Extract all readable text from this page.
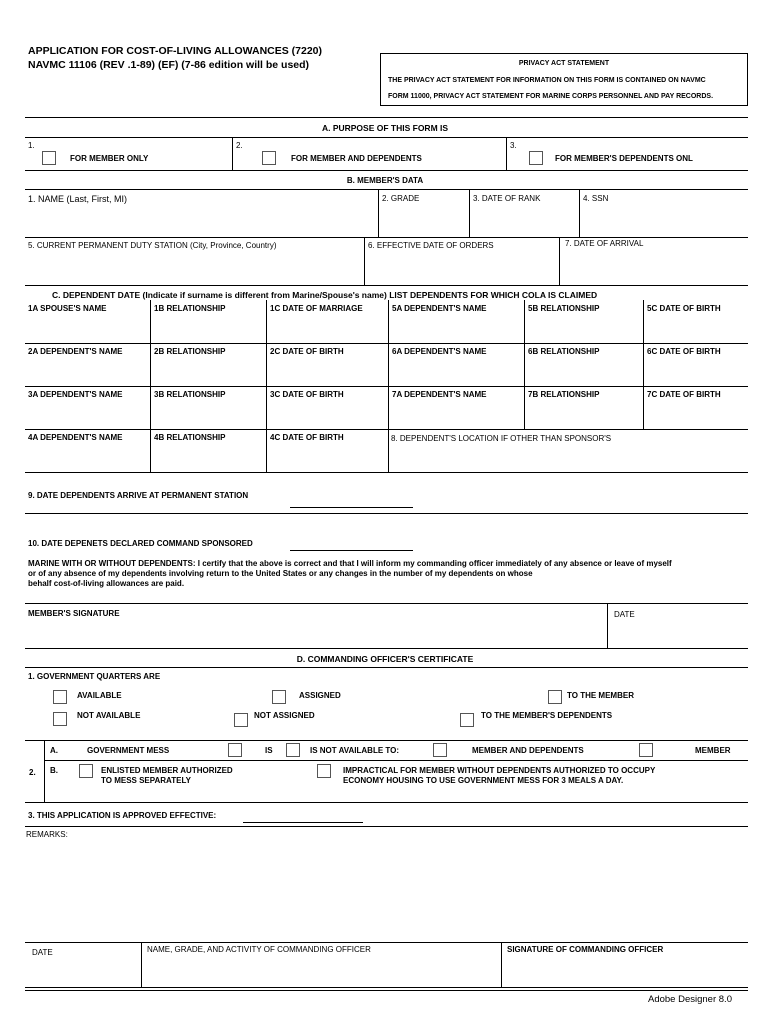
APPLICATION FOR COST-OF-LIVING ALLOWANCES (7220)
NAVMC 11106 (REV .1-89) (EF) (7-86 edition will be used)	PRIVACY ACT STATEMENT
THE PRIVACY ACT STATEMENT FOR INFORMATION ON THIS FORM IS CONTAINED ON NAVMC
FORM 11000, PRIVACY ACT STATEMENT FOR MARINE CORPS PERSONNEL AND PAY RECORDS.
A. PURPOSE OF THIS FORM IS
1.
FOR MEMBER ONLY
2.
FOR MEMBER AND DEPENDENTS
3.
FOR MEMBER'S DEPENDENTS ONL
B. MEMBER'S DATA
1. NAME (Last, First, MI)	2. GRADE	3. DATE OF RANK	4. SSN
5. CURRENT PERMANENT DUTY STATION (City, Province, Country)	6. EFFECTIVE DATE OF ORDERS	7. DATE OF ARRIVAL
C. DEPENDENT DATE (Indicate if surname is different from Marine/Spouse's name) LIST DEPENDENTS FOR WHICH COLA IS CLAIMED
1A SPOUSE'S NAME	1B RELATIONSHIP	1C DATE OF MARRIAGE	5A DEPENDENT'S NAME	5B RELATIONSHIP	5C DATE OF BIRTH
2A DEPENDENT'S NAME	2B RELATIONSHIP	2C DATE OF BIRTH	6A DEPENDENT'S NAME	6B RELATIONSHIP	6C DATE OF BIRTH
3A DEPENDENT'S NAME	3B RELATIONSHIP	3C DATE OF BIRTH	7A DEPENDENT'S NAME	7B RELATIONSHIP	7C DATE OF BIRTH
4A DEPENDENT'S NAME	4B RELATIONSHIP	4C DATE OF BIRTH	8. DEPENDENT'S LOCATION IF OTHER THAN SPONSOR'S
9. DATE DEPENDENTS ARRIVE AT PERMANENT STATION
10. DATE DEPENETS DECLARED COMMAND SPONSORED
MARINE WITH OR WITHOUT DEPENDENTS: I certify that the above is correct and that I will inform my commanding officer immediately of any absence or leave of myself
or of any absence of my dependents involving return to the United States or any changes in the number of my dependents on whose
behalf cost-of-living allowances are paid.
MEMBER'S SIGNATURE	DATE
D. COMMANDING OFFICER'S CERTIFICATE
1. GOVERNMENT QUARTERS ARE
AVAILABLE	ASSIGNED	TO THE MEMBER
NOT AVAILABLE	NOT ASSIGNED	TO THE MEMBER'S DEPENDENTS
2.
A.	GOVERNMENT MESS	IS	IS NOT AVAILABLE TO:	MEMBER AND DEPENDENTS	MEMBER
B.	ENLISTED MEMBER AUTHORIZED
TO MESS SEPARATELY
IMPRACTICAL FOR MEMBER WITHOUT DEPENDENTS AUTHORIZED TO OCCUPY
ECONOMY HOUSING TO USE GOVERNMENT MESS FOR 3 MEALS A DAY.
3. THIS APPLICATION IS APPROVED EFFECTIVE:
REMARKS:
DATE	NAME, GRADE, AND ACTIVITY OF COMMANDING OFFICER	SIGNATURE OF COMMANDING OFFICER
Adobe Designer 8.0
